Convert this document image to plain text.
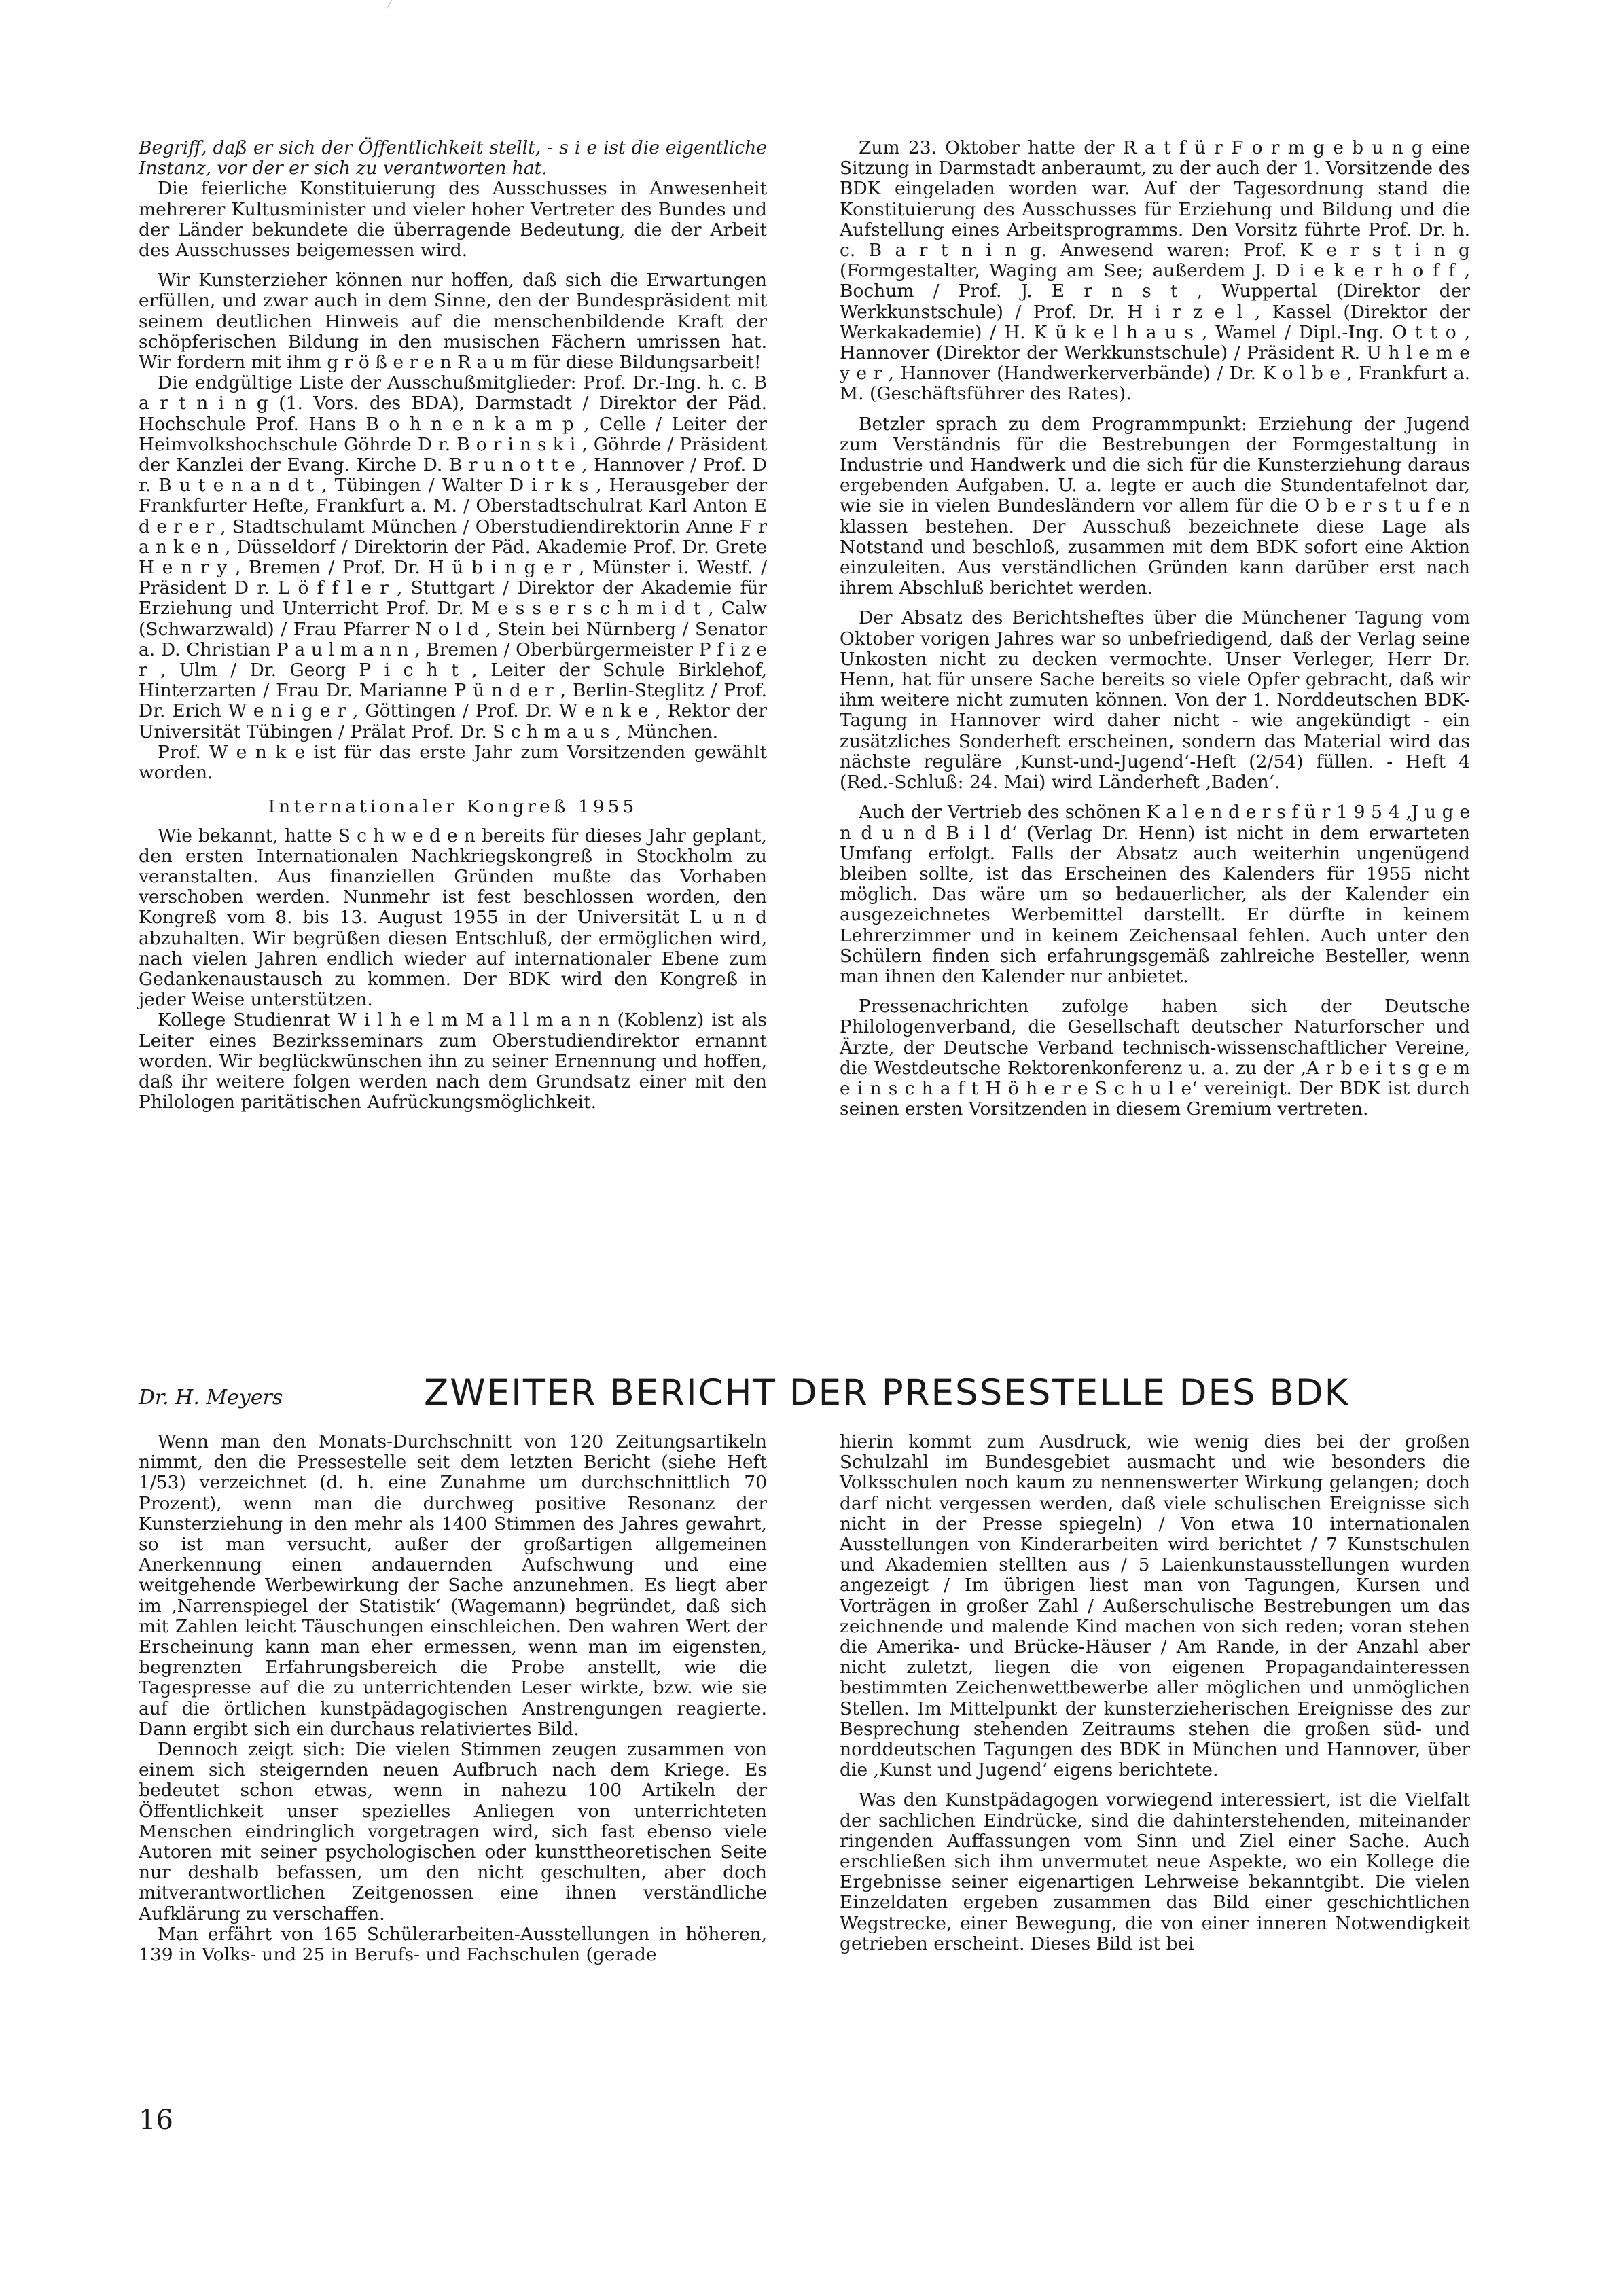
Begriff, daß er sich der Öffentlichkeit stellt, - s i e ist die eigentliche Instanz, vor der er sich zu verantworten hat.

Die feierliche Konstituierung des Ausschusses in Anwesenheit mehrerer Kultusminister und vieler hoher Vertreter des Bundes und der Länder bekundete die überragende Bedeutung, die der Arbeit des Ausschusses beigemessen wird.

Wir Kunsterzieher können nur hoffen, daß sich die Erwartungen erfüllen, und zwar auch in dem Sinne, den der Bundespräsident mit seinem deutlichen Hinweis auf die menschenbildende Kraft der schöpferischen Bildung in den musischen Fächern umrissen hat. Wir fordern mit ihm g r ö ß e r e n R a u m für diese Bildungsarbeit!

Die endgültige Liste der Ausschußmitglieder: Prof. Dr.-Ing. h. c. B a r t n i n g (1. Vors. des BDA), Darmstadt / Direktor der Päd. Hochschule Prof. Hans B o h n e n k a m p , Celle / Leiter der Heimvolkshochschule Göhrde D r. B o r i n s k i , Göhrde / Präsident der Kanzlei der Evang. Kirche D. B r u n o t t e , Hannover / Prof. D r. B u t e n a n d t , Tübingen / Walter D i r k s , Herausgeber der Frankfurter Hefte, Frankfurt a. M. / Oberstadtschulrat Karl Anton E d e r e r , Stadtschulamt München / Oberstudiendirektorin Anne F r a n k e n , Düsseldorf / Direktorin der Päd. Akademie Prof. Dr. Grete H e n r y , Bremen / Prof. Dr. H ü b i n g e r , Münster i. Westf. / Präsident D r. L ö f f l e r , Stuttgart / Direktor der Akademie für Erziehung und Unterricht Prof. Dr. M e s s e r s c h m i d t , Calw (Schwarzwald) / Frau Pfarrer N o l d , Stein bei Nürnberg / Senator a. D. Christian P a u l m a n n , Bremen / Oberbürgermeister P f i z e r , Ulm / Dr. Georg P i c h t , Leiter der Schule Birklehof, Hinterzarten / Frau Dr. Marianne P ü n d e r , Berlin-Steglitz / Prof. Dr. Erich W e n i g e r , Göttingen / Prof. Dr. W e n k e , Rektor der Universität Tübingen / Prälat Prof. Dr. S c h m a u s , München.

Prof. W e n k e ist für das erste Jahr zum Vorsitzenden gewählt worden.

Internationaler Kongreß 1955

Wie bekannt, hatte S c h w e d e n bereits für dieses Jahr geplant, den ersten Internationalen Nachkriegskongreß in Stockholm zu veranstalten. Aus finanziellen Gründen mußte das Vorhaben verschoben werden. Nunmehr ist fest beschlossen worden, den Kongreß vom 8. bis 13. August 1955 in der Universität L u n d abzuhalten. Wir begrüßen diesen Entschluß, der ermöglichen wird, nach vielen Jahren endlich wieder auf internationaler Ebene zum Gedankenaustausch zu kommen. Der BDK wird den Kongreß in jeder Weise unterstützen.

Kollege Studienrat W i l h e l m M a l l m a n n (Koblenz) ist als Leiter eines Bezirksseminars zum Oberstudiendirektor ernannt worden. Wir beglückwünschen ihn zu seiner Ernennung und hoffen, daß ihr weitere folgen werden nach dem Grundsatz einer mit den Philologen paritätischen Aufrückungsmöglichkeit.

Zum 23. Oktober hatte der R a t f ü r F o r m g e b u n g eine Sitzung in Darmstadt anberaumt, zu der auch der 1. Vorsitzende des BDK eingeladen worden war. Auf der Tagesordnung stand die Konstituierung des Ausschusses für Erziehung und Bildung und die Aufstellung eines Arbeitsprogramms. Den Vorsitz führte Prof. Dr. h. c. B a r t n i n g. Anwesend waren: Prof. K e r s t i n g (Formgestalter, Waging am See; außerdem J. D i e k e r h o f f , Bochum / Prof. J. E r n s t , Wuppertal (Direktor der Werkkunstschule) / Prof. Dr. H i r z e l , Kassel (Direktor der Werkakademie) / H. K ü k e l h a u s , Wamel / Dipl.-Ing. O t t o , Hannover (Direktor der Werkkunstschule) / Präsident R. U h l e m e y e r , Hannover (Handwerkerverbände) / Dr. K o l b e , Frankfurt a. M. (Geschäftsführer des Rates).

Betzler sprach zu dem Programmpunkt: Erziehung der Jugend zum Verständnis für die Bestrebungen der Formgestaltung in Industrie und Handwerk und die sich für die Kunsterziehung daraus ergebenden Aufgaben. U. a. legte er auch die Stundentafelnot dar, wie sie in vielen Bundesländern vor allem für die O b e r s t u f e n klassen bestehen. Der Ausschuß bezeichnete diese Lage als Notstand und beschloß, zusammen mit dem BDK sofort eine Aktion einzuleiten. Aus verständlichen Gründen kann darüber erst nach ihrem Abschluß berichtet werden.

Der Absatz des Berichtsheftes über die Münchener Tagung vom Oktober vorigen Jahres war so unbefriedigend, daß der Verlag seine Unkosten nicht zu decken vermochte. Unser Verleger, Herr Dr. Henn, hat für unsere Sache bereits so viele Opfer gebracht, daß wir ihm weitere nicht zumuten können. Von der 1. Norddeutschen BDK-Tagung in Hannover wird daher nicht - wie angekündigt - ein zusätzliches Sonderheft erscheinen, sondern das Material wird das nächste reguläre ‚Kunst-und-Jugend‘-Heft (2/54) füllen. - Heft 4 (Red.-Schluß: 24. Mai) wird Länderheft ‚Baden‘.

Auch der Vertrieb des schönen K a l e n d e r s f ü r 1 9 5 4 ‚J u g e n d u n d B i l d‘ (Verlag Dr. Henn) ist nicht in dem erwarteten Umfang erfolgt. Falls der Absatz auch weiterhin ungenügend bleiben sollte, ist das Erscheinen des Kalenders für 1955 nicht möglich. Das wäre um so bedauerlicher, als der Kalender ein ausgezeichnetes Werbemittel darstellt. Er dürfte in keinem Lehrerzimmer und in keinem Zeichensaal fehlen. Auch unter den Schülern finden sich erfahrungsgemäß zahlreiche Besteller, wenn man ihnen den Kalender nur anbietet.

Pressenachrichten zufolge haben sich der Deutsche Philologenverband, die Gesellschaft deutscher Naturforscher und Ärzte, der Deutsche Verband technisch-wissenschaftlicher Vereine, die Westdeutsche Rektorenkonferenz u. a. zu der ‚A r b e i t s g e m e i n s c h a f t H ö h e r e S c h u l e‘ vereinigt. Der BDK ist durch seinen ersten Vorsitzenden in diesem Gremium vertreten.

Dr. H. Meyers	ZWEITER BERICHT DER PRESSESTELLE DES BDK

Wenn man den Monats-Durchschnitt von 120 Zeitungsartikeln nimmt, den die Pressestelle seit dem letzten Bericht (siehe Heft 1/53) verzeichnet (d. h. eine Zunahme um durchschnittlich 70 Prozent), wenn man die durchweg positive Resonanz der Kunsterziehung in den mehr als 1400 Stimmen des Jahres gewahrt, so ist man versucht, außer der großartigen allgemeinen Anerkennung einen andauernden Aufschwung und eine weitgehende Werbewirkung der Sache anzunehmen. Es liegt aber im ‚Narrenspiegel der Statistik‘ (Wagemann) begründet, daß sich mit Zahlen leicht Täuschungen einschleichen. Den wahren Wert der Erscheinung kann man eher ermessen, wenn man im eigensten, begrenzten Erfahrungsbereich die Probe anstellt, wie die Tagespresse auf die zu unterrichtenden Leser wirkte, bzw. wie sie auf die örtlichen kunstpädagogischen Anstrengungen reagierte. Dann ergibt sich ein durchaus relativiertes Bild.

Dennoch zeigt sich: Die vielen Stimmen zeugen zusammen von einem sich steigernden neuen Aufbruch nach dem Kriege. Es bedeutet schon etwas, wenn in nahezu 100 Artikeln der Öffentlichkeit unser spezielles Anliegen von unterrichteten Menschen eindringlich vorgetragen wird, sich fast ebenso viele Autoren mit seiner psychologischen oder kunsttheoretischen Seite nur deshalb befassen, um den nicht geschulten, aber doch mitverantwortlichen Zeitgenossen eine ihnen verständliche Aufklärung zu verschaffen.

Man erfährt von 165 Schülerarbeiten-Ausstellungen in höheren, 139 in Volks- und 25 in Berufs- und Fachschulen (gerade

hierin kommt zum Ausdruck, wie wenig dies bei der großen Schulzahl im Bundesgebiet ausmacht und wie besonders die Volksschulen noch kaum zu nennenswerter Wirkung gelangen; doch darf nicht vergessen werden, daß viele schulischen Ereignisse sich nicht in der Presse spiegeln) / Von etwa 10 internationalen Ausstellungen von Kinderarbeiten wird berichtet / 7 Kunstschulen und Akademien stellten aus / 5 Laienkunstausstellungen wurden angezeigt / Im übrigen liest man von Tagungen, Kursen und Vorträgen in großer Zahl / Außerschulische Bestrebungen um das zeichnende und malende Kind machen von sich reden; voran stehen die Amerika- und Brücke-Häuser / Am Rande, in der Anzahl aber nicht zuletzt, liegen die von eigenen Propagandainteressen bestimmten Zeichenwettbewerbe aller möglichen und unmöglichen Stellen. Im Mittelpunkt der kunsterzieherischen Ereignisse des zur Besprechung stehenden Zeitraums stehen die großen süd- und norddeutschen Tagungen des BDK in München und Hannover, über die ‚Kunst und Jugend‘ eigens berichtete.

Was den Kunstpädagogen vorwiegend interessiert, ist die Vielfalt der sachlichen Eindrücke, sind die dahinterstehenden, miteinander ringenden Auffassungen vom Sinn und Ziel einer Sache. Auch erschließen sich ihm unvermutet neue Aspekte, wo ein Kollege die Ergebnisse seiner eigenartigen Lehrweise bekanntgibt. Die vielen Einzeldaten ergeben zusammen das Bild einer geschichtlichen Wegstrecke, einer Bewegung, die von einer inneren Notwendigkeit getrieben erscheint. Dieses Bild ist bei

16
